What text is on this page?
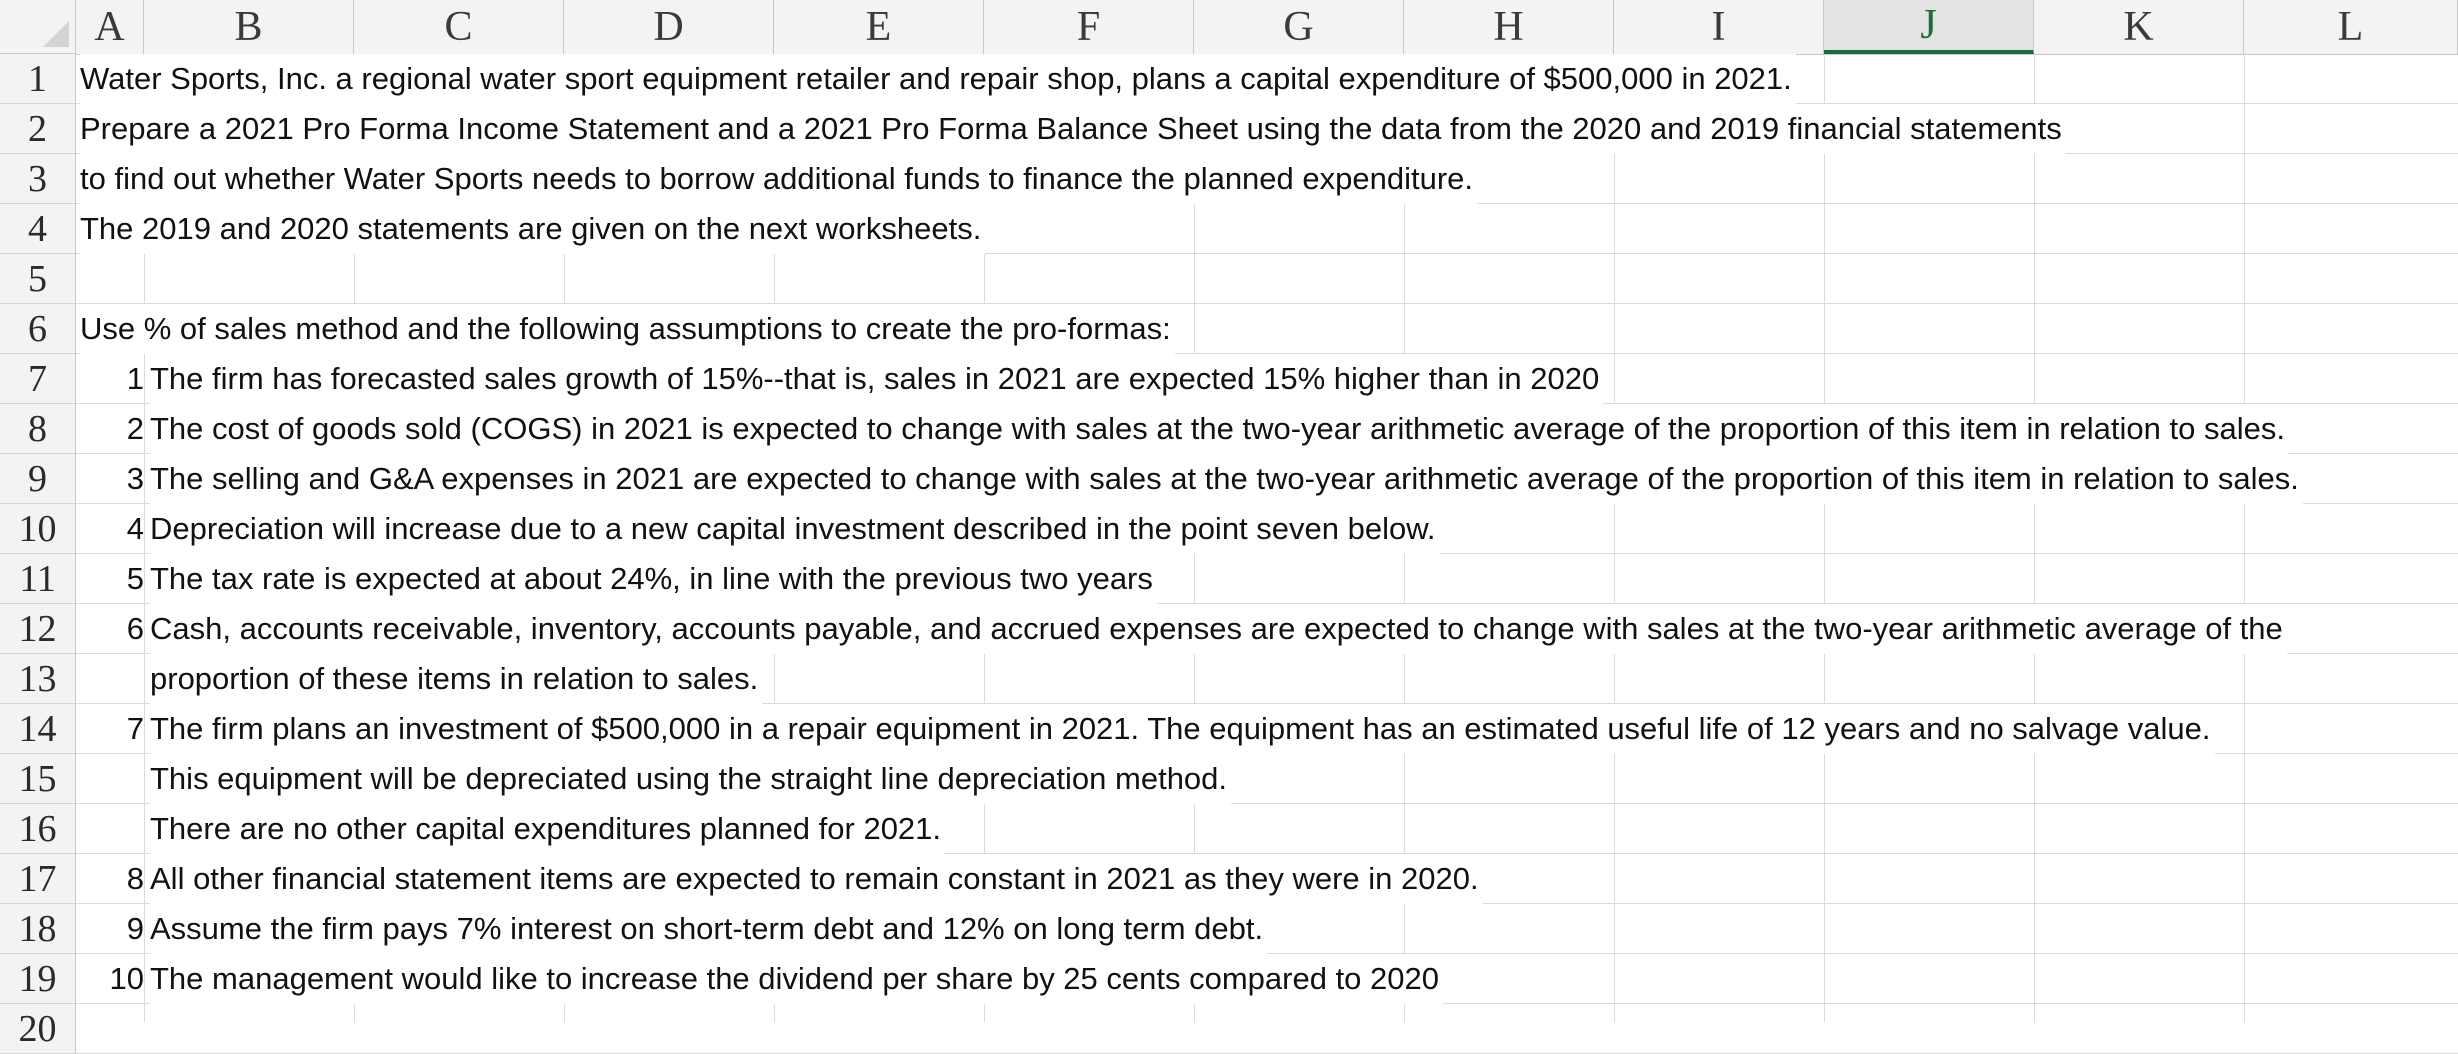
A	B	C	D	E	F	G	H	I	J	K	L
1
2
3
4
5
6
7
8
9
10
11
12
13
14
15
16
17
18
19
20
Water Sports, Inc. a regional water sport equipment retailer and repair shop, plans a capital expenditure of $500,000 in 2021.
Prepare a 2021 Pro Forma Income Statement and a 2021 Pro Forma Balance Sheet using the data from the 2020 and 2019 financial statements
to find out whether Water Sports needs to borrow additional funds to finance the planned expenditure.
The 2019 and 2020 statements are given on the next worksheets.
Use % of sales method and the following assumptions to create the pro-formas:
1 The firm has forecasted sales growth of 15%--that is, sales in 2021 are expected 15% higher than in 2020
2 The cost of goods sold (COGS) in 2021 is expected to change with sales at the two-year arithmetic average of the proportion of this item in relation to sales.
3 The selling and G&A expenses in 2021 are expected to change with sales at the two-year arithmetic average of the proportion of this item in relation to sales.
4 Depreciation will increase due to a new capital investment described in the point seven below.
5 The tax rate is expected at about 24%, in line with the previous two years
6 Cash, accounts receivable, inventory, accounts payable, and accrued expenses are expected to change with sales at the two-year arithmetic average of the
proportion of these items in relation to sales.
7 The firm plans an investment of $500,000 in a repair equipment in 2021. The equipment has an estimated useful life of 12 years and no salvage value.
This equipment will be depreciated using the straight line depreciation method.
There are no other capital expenditures planned for 2021.
8 All other financial statement items are expected to remain constant in 2021 as they were in 2020.
9 Assume the firm pays 7% interest on short-term debt and 12% on long term debt.
10 The management would like to increase the dividend per share by 25 cents compared to 2020
